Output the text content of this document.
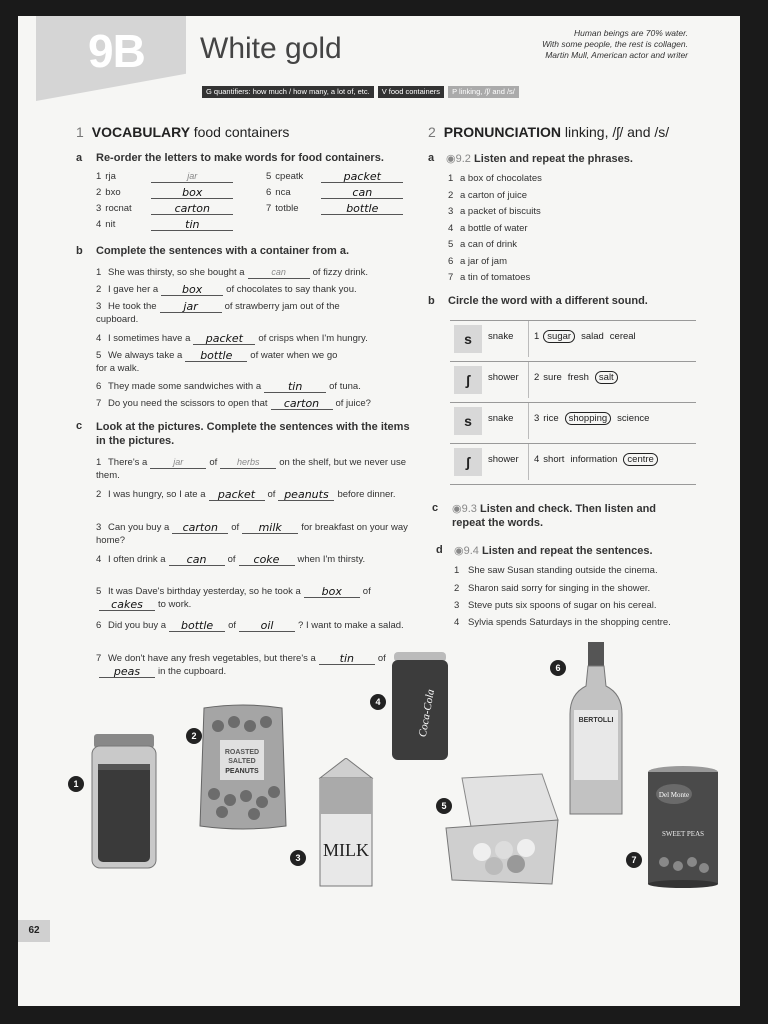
9B White gold	Human beings are 70% water.
With some people, the rest is collagen.
Martin Mull, American actor and writer
G quantifiers: how much / how many, a lot of, etc.	V food containers	P linking, /ʃ/ and /s/
1 VOCABULARY food containers
a Re-order the letters to make words for food containers.
1 rja	jar
2 bxo	box
3 rocnat	carton
4 nit	tin
5 cpeatk	packet
6 nca	can
7 totble	bottle
b Complete the sentences with a container from a.
1 She was thirsty, so she bought a	can	of fizzy drink.
2 I gave her a box	of chocolates to say thank you.
3 He took the jar	of strawberry jam out of the cupboard.
4 I sometimes have a packet of crisps when I'm hungry.
5 We always take a bottle of water when we go for a walk.
6 They made some sandwiches with a tin	of tuna.
7 Do you need the scissors to open that carton of juice?
c Look at the pictures. Complete the sentences with the items in the pictures.
1 There's a	jar	of herbs on the shelf, but we never use them.
2 I was hungry, so I ate a packet of peanuts before dinner.
3 Can you buy a carton of milk for breakfast on your way home?
4 I often drink a can of coke when I'm thirsty.
5 It was Dave's birthday yesterday, so he took a box ofcakes to work.
6 Did you buy a bottle of oil	? I want to make a salad.
7 We don't have any fresh vegetables, but there's a tin	ofpeas in the cupboard.
2 PRONUNCIATION linking, /ʃ/ and /s/
a ◉9.2 Listen and repeat the phrases.
1 a box of chocolates
2 a carton of juice
3 a packet of biscuits
4 a bottle of water
5 a can of drink
6 a jar of jam
7 a tin of tomatoes
b Circle the word with a different sound.
s	snake 1 sugar salad cereal
ʃ	shower 2 sure fresh salt
s	snake 3 rice shopping science
ʃ	shower 4 short information centre
c ◉9.3 Listen and check. Then listen and repeat the words.
d ◉9.4 Listen and repeat the sentences.
1 She saw Susan standing outside the cinema.
2 Sharon said sorry for singing in the shower.
3 Steve puts six spoons of sugar on his cereal.
4 Sylvia spends Saturdays in the shopping centre.
1
2
ROASTED
SALTED
PEANUTS
3	MILK
4	Coca-Cola
5
6
BERTOLLI
7
Del Monte
SWEET PEAS
62
